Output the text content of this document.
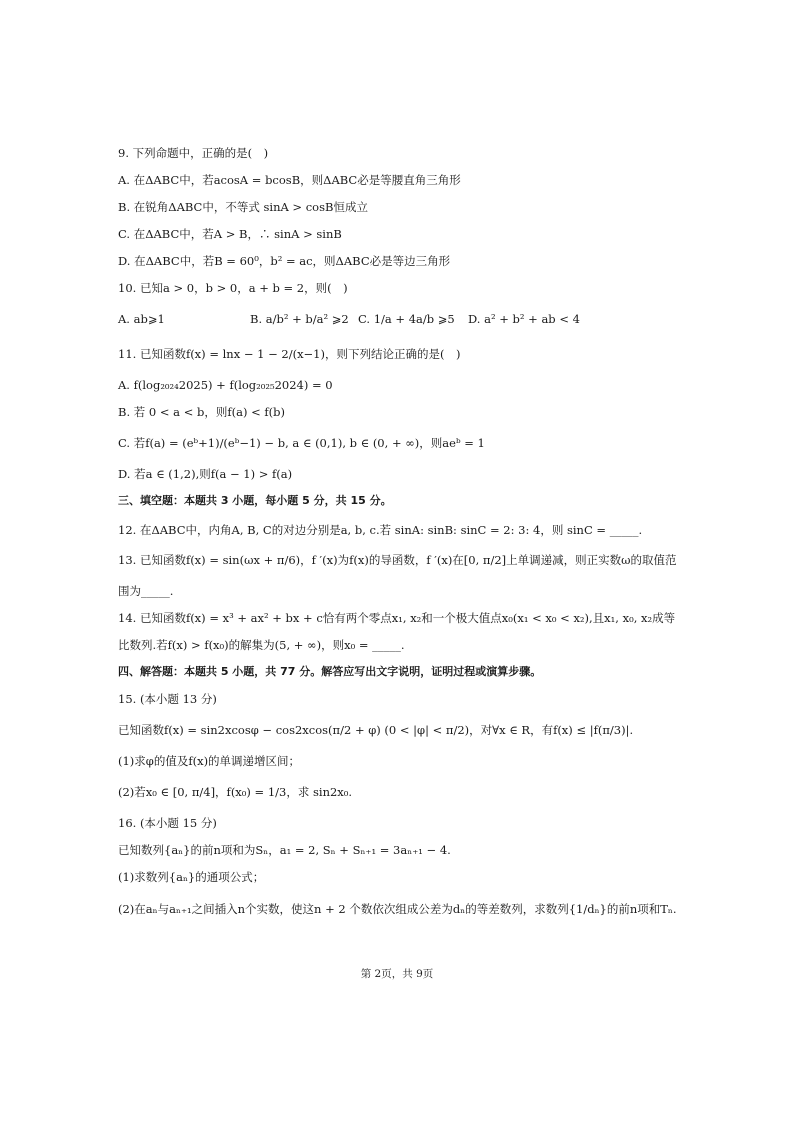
9. 下列命题中，正确的是(　)
A. 在ΔABC中，若acosA = bcosB，则ΔABC必是等腰直角三角形
B. 在锐角ΔABC中，不等式 sinA > cosB恒成立
C. 在ΔABC中，若A > B，∴ sinA > sinB
D. 在ΔABC中，若B = 60⁰，b² = ac，则ΔABC必是等边三角形
10. 已知a > 0，b > 0，a + b = 2，则(　)
A. ab⩾1	B. a/b² + b/a² ⩾2 C. 1/a + 4a/b ⩾5 D. a² + b² + ab < 4
11. 已知函数f(x) = lnx − 1 − 2/(x−1)，则下列结论正确的是(　)
A. f(log₂₀₂₄2025) + f(log₂₀₂₅2024) = 0
B. 若 0 < a < b，则f(a) < f(b)
C. 若f(a) = (eᵇ+1)/(eᵇ−1) − b, a ∈ (0,1), b ∈ (0, + ∞)，则aeᵇ = 1
D. 若a ∈ (1,2),则f(a − 1) > f(a)
三、填空题：本题共 3 小题，每小题 5 分，共 15 分。
12. 在ΔABC中，内角A, B, C的对边分别是a, b, c.若 sinA: sinB: sinC = 2: 3: 4，则 sinC = _____.
13. 已知函数f(x) = sin(ωx + π/6)，f ′(x)为f(x)的导函数，f ′(x)在[0, π/2]上单调递减，则正实数ω的取值范
围为_____.
14. 已知函数f(x) = x³ + ax² + bx + c恰有两个零点x₁, x₂和一个极大值点x₀(x₁ < x₀ < x₂),且x₁, x₀, x₂成等
比数列.若f(x) > f(x₀)的解集为(5, + ∞)，则x₀ = _____.
四、解答题：本题共 5 小题，共 77 分。解答应写出文字说明，证明过程或演算步骤。
15. (本小题 13 分)
已知函数f(x) = sin2xcosφ − cos2xcos(π/2 + φ) (0 < |φ| < π/2)，对∀x ∈ R，有f(x) ≤ |f(π/3)|.
(1)求φ的值及f(x)的单调递增区间；
(2)若x₀ ∈ [0, π/4]，f(x₀) = 1/3，求 sin2x₀.
16. (本小题 15 分)
已知数列{aₙ}的前n项和为Sₙ，a₁ = 2, Sₙ + Sₙ₊₁ = 3aₙ₊₁ − 4.
(1)求数列{aₙ}的通项公式；
(2)在aₙ与aₙ₊₁之间插入n个实数，使这n + 2 个数依次组成公差为dₙ的等差数列，求数列{1/dₙ}的前n项和Tₙ.
第 2页，共 9页
